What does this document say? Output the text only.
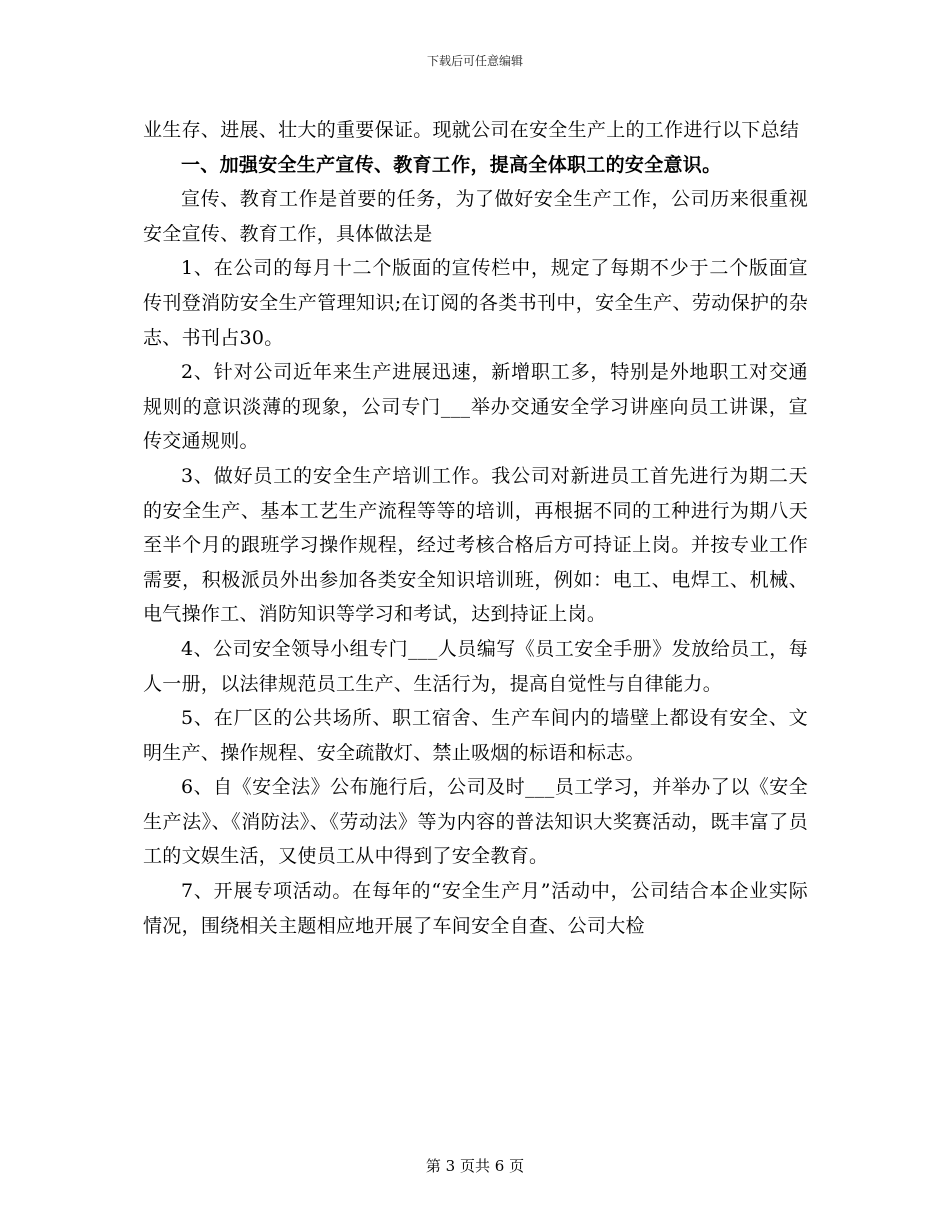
下载后可任意编辑

业生存、进展、壮大的重要保证。现就公司在安全生产上的工作进行以下总结

一、加强安全生产宣传、教育工作，提高全体职工的安全意识。

宣传、教育工作是首要的任务，为了做好安全生产工作，公司历来很重视安全宣传、教育工作，具体做法是

1、在公司的每月十二个版面的宣传栏中，规定了每期不少于二个版面宣传刊登消防安全生产管理知识;在订阅的各类书刊中，安全生产、劳动保护的杂志、书刊占30。

2、针对公司近年来生产进展迅速，新增职工多，特别是外地职工对交通规则的意识淡薄的现象，公司专门___举办交通安全学习讲座向员工讲课，宣传交通规则。

3、做好员工的安全生产培训工作。我公司对新进员工首先进行为期二天的安全生产、基本工艺生产流程等等的培训，再根据不同的工种进行为期八天至半个月的跟班学习操作规程，经过考核合格后方可持证上岗。并按专业工作需要，积极派员外出参加各类安全知识培训班，例如：电工、电焊工、机械、电气操作工、消防知识等学习和考试，达到持证上岗。

4、公司安全领导小组专门___人员编写《员工安全手册》发放给员工，每人一册，以法律规范员工生产、生活行为，提高自觉性与自律能力。

5、在厂区的公共场所、职工宿舍、生产车间内的墙壁上都设有安全、文明生产、操作规程、安全疏散灯、禁止吸烟的标语和标志。

6、自《安全法》公布施行后，公司及时___员工学习，并举办了以《安全生产法》、《消防法》、《劳动法》等为内容的普法知识大奖赛活动，既丰富了员工的文娱生活，又使员工从中得到了安全教育。

7、开展专项活动。在每年的“安全生产月”活动中，公司结合本企业实际情况，围绕相关主题相应地开展了车间安全自查、公司大检

第 3 页共 6 页
